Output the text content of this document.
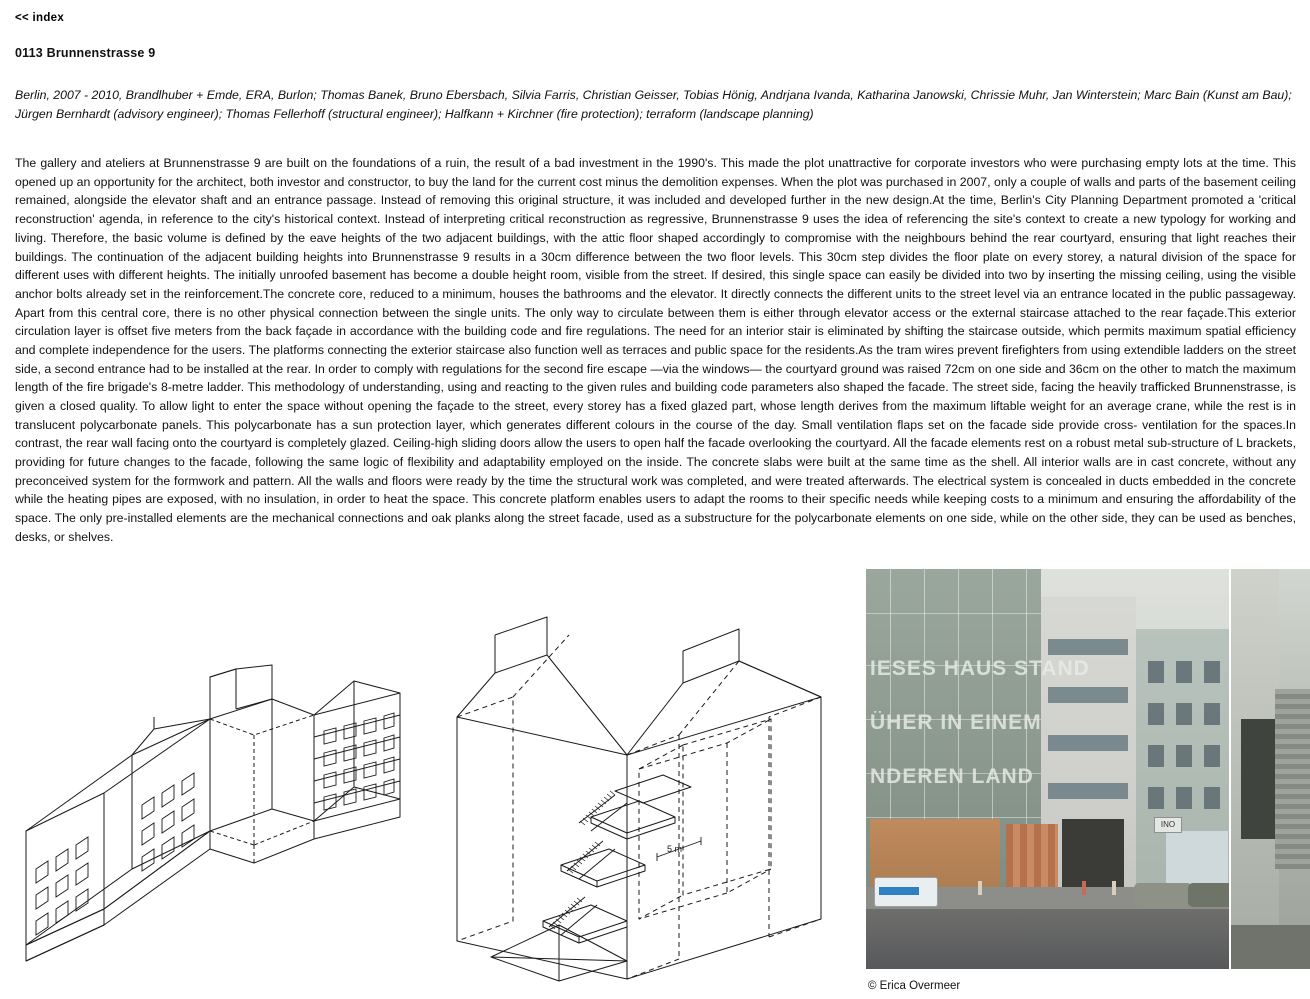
<< index
0113 Brunnenstrasse 9
Berlin, 2007 - 2010, Brandlhuber + Emde, ERA, Burlon; Thomas Banek, Bruno Ebersbach, Silvia Farris, Christian Geisser, Tobias Hönig, Andrjana Ivanda, Katharina Janowski, Chrissie Muhr, Jan Winterstein; Marc Bain (Kunst am Bau); Jürgen Bernhardt (advisory engineer); Thomas Fellerhoff (structural engineer); Halfkann + Kirchner (fire protection); terraform (landscape planning)
The gallery and ateliers at Brunnenstrasse 9 are built on the foundations of a ruin, the result of a bad investment in the 1990's. This made the plot unattractive for corporate investors who were purchasing empty lots at the time. This opened up an opportunity for the architect, both investor and constructor, to buy the land for the current cost minus the demolition expenses. When the plot was purchased in 2007, only a couple of walls and parts of the basement ceiling remained, alongside the elevator shaft and an entrance passage. Instead of removing this original structure, it was included and developed further in the new design.At the time, Berlin's City Planning Department promoted a 'critical reconstruction' agenda, in reference to the city's historical context. Instead of interpreting critical reconstruction as regressive, Brunnenstrasse 9 uses the idea of referencing the site's context to create a new typology for working and living. Therefore, the basic volume is defined by the eave heights of the two adjacent buildings, with the attic floor shaped accordingly to compromise with the neighbours behind the rear courtyard, ensuring that light reaches their buildings. The continuation of the adjacent building heights into Brunnenstrasse 9 results in a 30cm difference between the two floor levels. This 30cm step divides the floor plate on every storey, a natural division of the space for different uses with different heights. The initially unroofed basement has become a double height room, visible from the street. If desired, this single space can easily be divided into two by inserting the missing ceiling, using the visible anchor bolts already set in the reinforcement.The concrete core, reduced to a minimum, houses the bathrooms and the elevator. It directly connects the different units to the street level via an entrance located in the public passageway. Apart from this central core, there is no other physical connection between the single units. The only way to circulate between them is either through elevator access or the external staircase attached to the rear façade.This exterior circulation layer is offset five meters from the back façade in accordance with the building code and fire regulations. The need for an interior stair is eliminated by shifting the staircase outside, which permits maximum spatial efficiency and complete independence for the users. The platforms connecting the exterior staircase also function well as terraces and public space for the residents.As the tram wires prevent firefighters from using extendible ladders on the street side, a second entrance had to be installed at the rear. In order to comply with regulations for the second fire escape —via the windows— the courtyard ground was raised 72cm on one side and 36cm on the other to match the maximum length of the fire brigade's 8-metre ladder. This methodology of understanding, using and reacting to the given rules and building code parameters also shaped the facade. The street side, facing the heavily trafficked Brunnenstrasse, is given a closed quality. To allow light to enter the space without opening the façade to the street, every storey has a fixed glazed part, whose length derives from the maximum liftable weight for an average crane, while the rest is in translucent polycarbonate panels. This polycarbonate has a sun protection layer, which generates different colours in the course of the day. Small ventilation flaps set on the facade side provide cross- ventilation for the spaces.In contrast, the rear wall facing onto the courtyard is completely glazed. Ceiling-high sliding doors allow the users to open half the facade overlooking the courtyard. All the facade elements rest on a robust metal sub-structure of L brackets, providing for future changes to the facade, following the same logic of flexibility and adaptability employed on the inside. The concrete slabs were built at the same time as the shell. All interior walls are in cast concrete, without any preconceived system for the formwork and pattern. All the walls and floors were ready by the time the structural work was completed, and were treated afterwards. The electrical system is concealed in ducts embedded in the concrete while the heating pipes are exposed, with no insulation, in order to heat the space. This concrete platform enables users to adapt the rooms to their specific needs while keeping costs to a minimum and ensuring the affordability of the space. The only pre-installed elements are the mechanical connections and oak planks along the street facade, used as a substructure for the polycarbonate elements on one side, while on the other side, they can be used as benches, desks, or shelves.
5 m
IESES HAUS STAND
ÜHER IN EINEM
NDEREN LAND
INO
© Erica Overmeer
